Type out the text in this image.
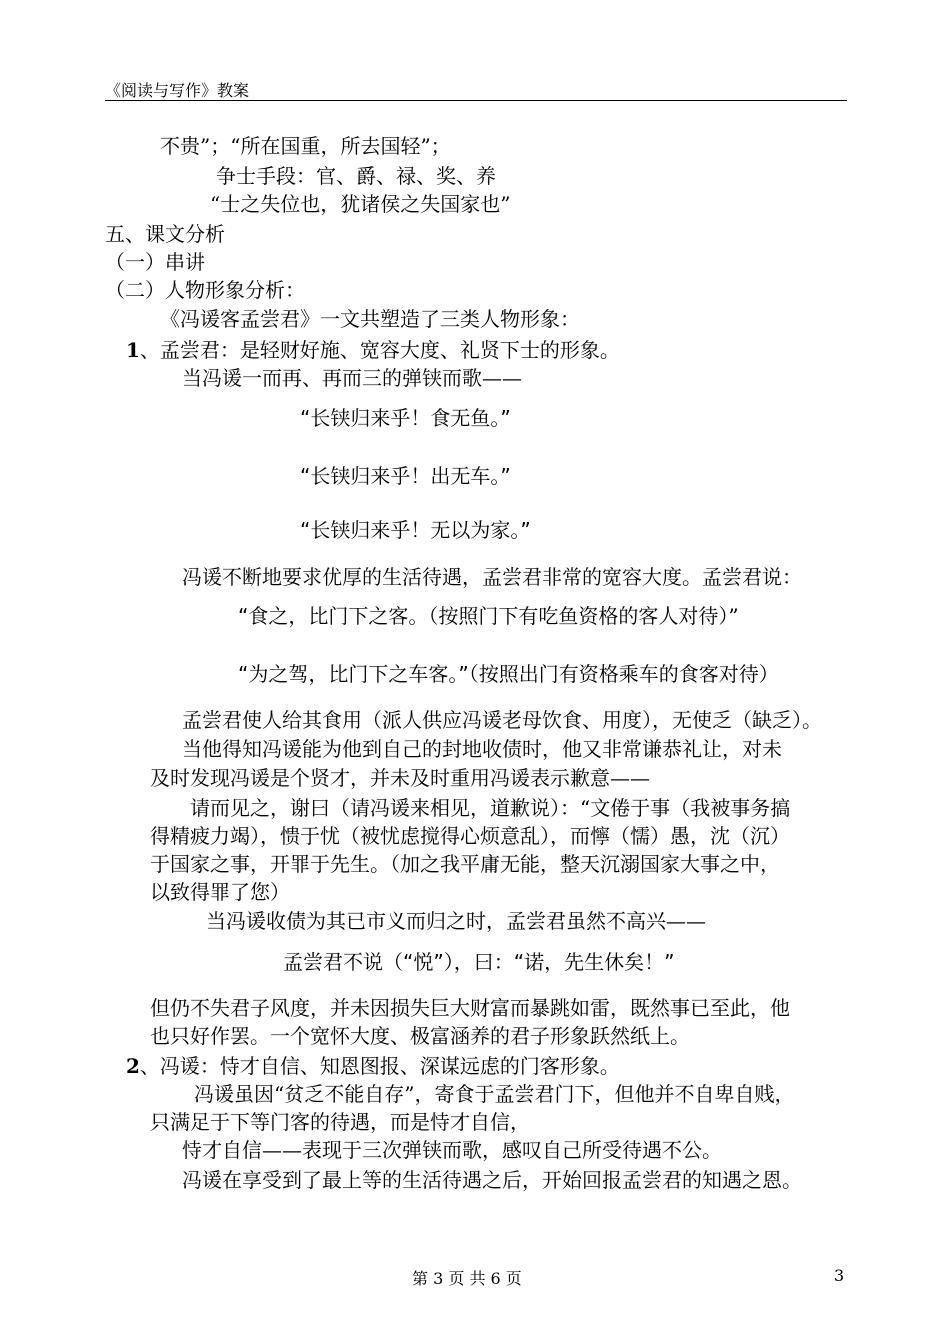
《阅读与写作》教案
不贵”；“所在国重，所去国轻”；
争士手段：官、爵、禄、奖、养
“士之失位也，犹诸侯之失国家也”
五、课文分析
（一）串讲
（二）人物形象分析：
《冯谖客孟尝君》一文共塑造了三类人物形象：
1、孟尝君：是轻财好施、宽容大度、礼贤下士的形象。
当冯谖一而再、再而三的弹铗而歌——
“长铗归来乎！食无鱼。”
“长铗归来乎！出无车。”
“长铗归来乎！无以为家。”
冯谖不断地要求优厚的生活待遇，孟尝君非常的宽容大度。孟尝君说：
“食之，比门下之客。（按照门下有吃鱼资格的客人对待）”
“为之驾，比门下之车客。”（按照出门有资格乘车的食客对待）
孟尝君使人给其食用（派人供应冯谖老母饮食、用度），无使乏（缺乏）。
当他得知冯谖能为他到自己的封地收债时，他又非常谦恭礼让，对未
及时发现冯谖是个贤才，并未及时重用冯谖表示歉意——
请而见之，谢曰（请冯谖来相见，道歉说）：“文倦于事（我被事务搞
得精疲力竭），愦于忧（被忧虑搅得心烦意乱），而懧（懦）愚，沈（沉）
于国家之事，开罪于先生。（加之我平庸无能，整天沉溺国家大事之中，
以致得罪了您）
当冯谖收债为其已市义而归之时，孟尝君虽然不高兴——
孟尝君不说（“悦”），曰：“诺，先生休矣！”
但仍不失君子风度，并未因损失巨大财富而暴跳如雷，既然事已至此，他
也只好作罢。一个宽怀大度、极富涵养的君子形象跃然纸上。
2、冯谖：恃才自信、知恩图报、深谋远虑的门客形象。
冯谖虽因“贫乏不能自存”，寄食于孟尝君门下，但他并不自卑自贱，
只满足于下等门客的待遇，而是恃才自信，
恃才自信——表现于三次弹铗而歌，感叹自己所受待遇不公。
冯谖在享受到了最上等的生活待遇之后，开始回报孟尝君的知遇之恩。
第 3 页 共 6 页	3
